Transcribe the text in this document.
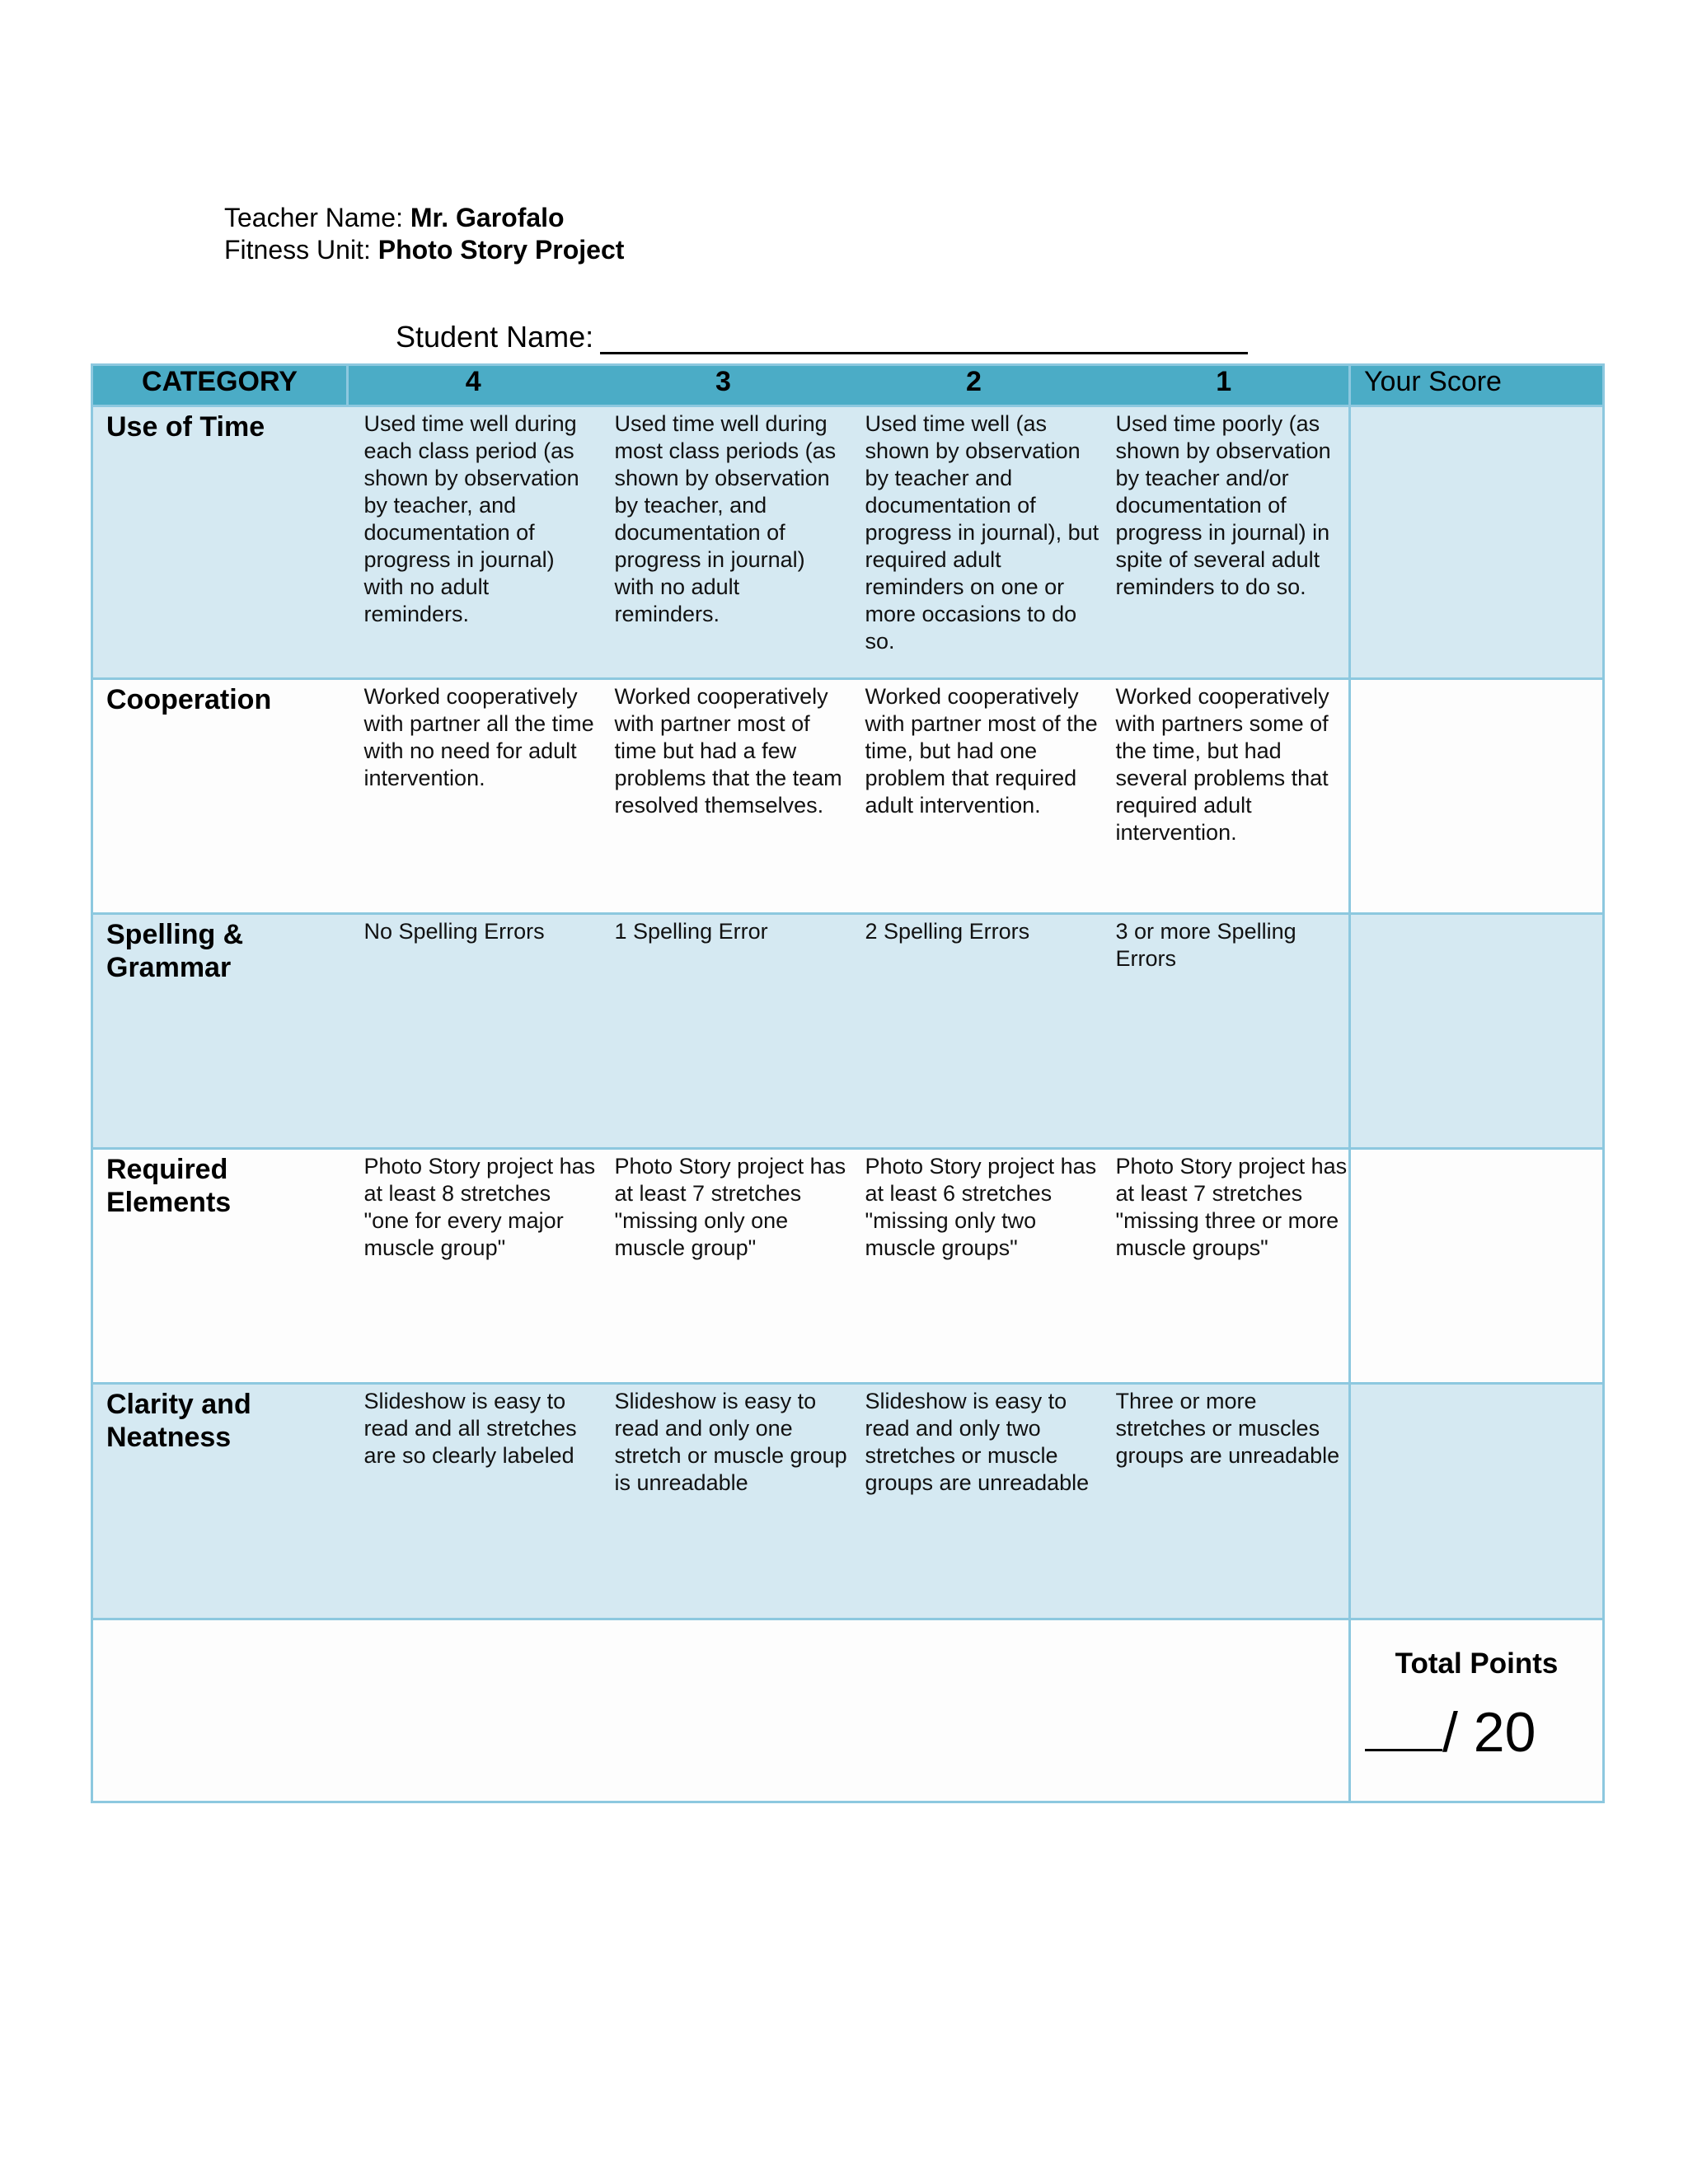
Teacher Name: Mr. Garofalo
Fitness Unit: Photo Story Project
Student Name:
CATEGORY	4	3	2	1	Your Score
Use of Time	Used time well during each class period (as shown by observation by teacher, and documentation of progress in journal) with no adult reminders.	Used time well during most class periods (as shown by observation by teacher, and documentation of progress in journal) with no adult reminders.	Used time well (as shown by observation by teacher and documentation of progress in journal), but required adult reminders on one or more occasions to do so.	Used time poorly (as shown by observation by teacher and/or documentation of progress in journal) in spite of several adult reminders to do so.	
Cooperation	Worked cooperatively with partner all the time with no need for adult intervention.	Worked cooperatively with partner most of time but had a few problems that the team resolved themselves.	Worked cooperatively with partner most of the time, but had one problem that required adult intervention.	Worked cooperatively with partners some of the time, but had several problems that required adult intervention.	
Spelling & Grammar	No Spelling Errors	1 Spelling Error	2 Spelling Errors	3 or more Spelling Errors	
Required Elements	Photo Story project has at least 8 stretches "one for every major muscle group"	Photo Story project has at least 7 stretches "missing only one muscle group"	Photo Story project has at least 6 stretches "missing only two muscle groups"	Photo Story project has at least 7 stretches "missing three or more muscle groups"	
Clarity and Neatness	Slideshow is easy to read and all stretches are so clearly labeled	Slideshow is easy to read and only one stretch or muscle group is unreadable	Slideshow is easy to read and only two stretches or muscle groups are unreadable	Three or more stretches or muscles groups are unreadable	

					Total Points
/ 20
